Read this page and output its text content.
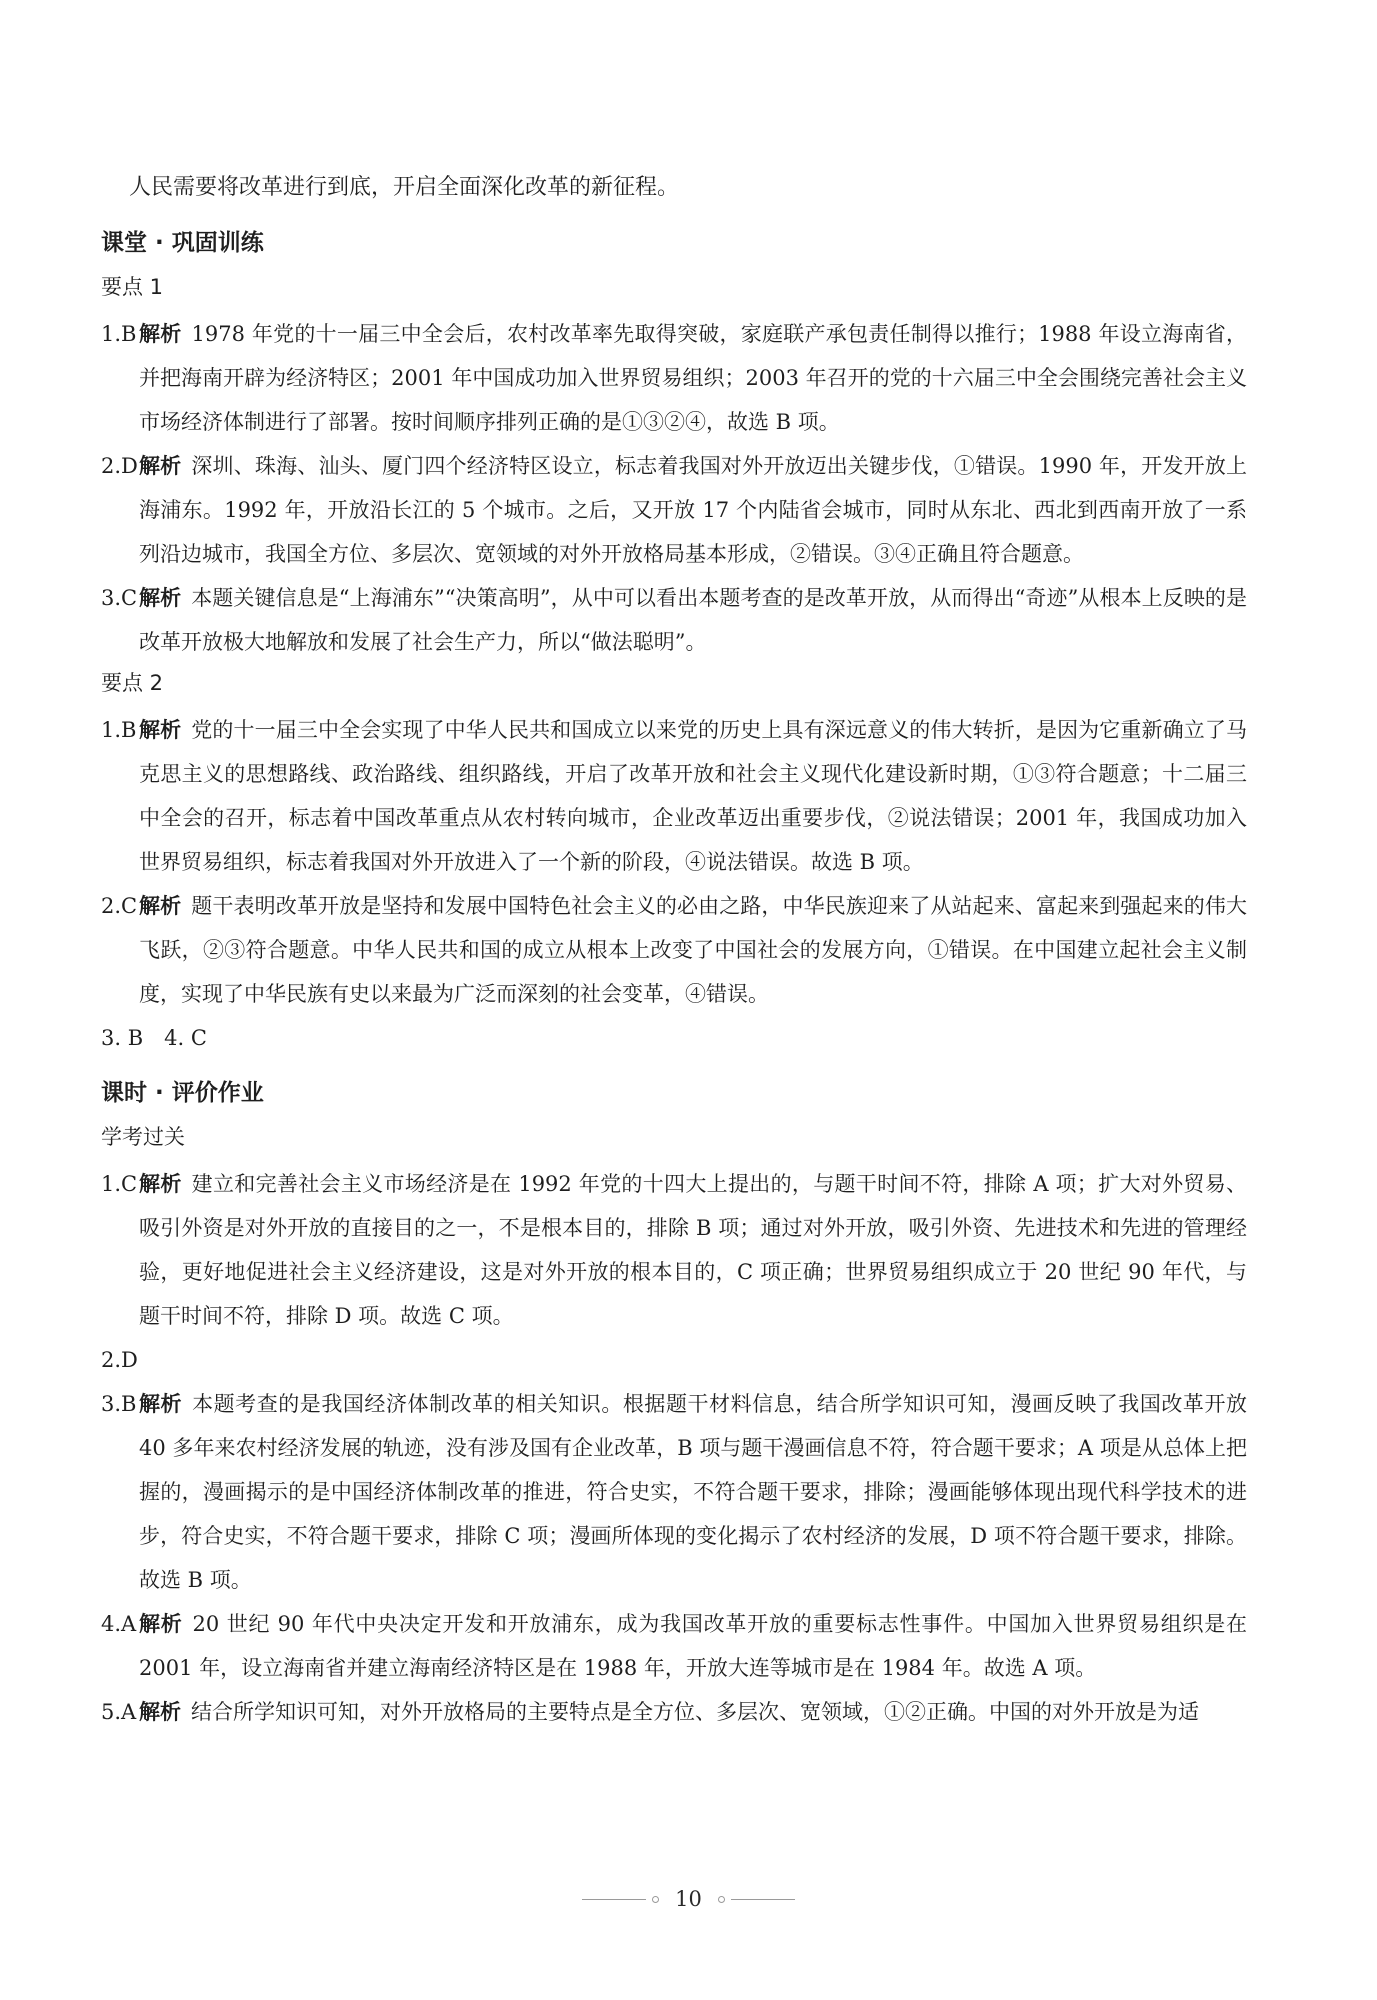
人民需要将改革进行到底，开启全面深化改革的新征程。

课堂 · 巩固训练
要点 1
1.B 解析 1978 年党的十一届三中全会后，农村改革率先取得突破，家庭联产承包责任制得以推行；1988 年设立海南省，并把海南开辟为经济特区；2001 年中国成功加入世界贸易组织；2003 年召开的党的十六届三中全会围绕完善社会主义市场经济体制进行了部署。按时间顺序排列正确的是①③②④，故选 B 项。
2.D 解析 深圳、珠海、汕头、厦门四个经济特区设立，标志着我国对外开放迈出关键步伐，①错误。1990 年，开发开放上海浦东。1992 年，开放沿长江的 5 个城市。之后，又开放 17 个内陆省会城市，同时从东北、西北到西南开放了一系列沿边城市，我国全方位、多层次、宽领域的对外开放格局基本形成，②错误。③④正确且符合题意。
3.C 解析 本题关键信息是“上海浦东”“决策高明”，从中可以看出本题考查的是改革开放，从而得出“奇迹”从根本上反映的是改革开放极大地解放和发展了社会生产力，所以“做法聪明”。
要点 2
1.B 解析 党的十一届三中全会实现了中华人民共和国成立以来党的历史上具有深远意义的伟大转折，是因为它重新确立了马克思主义的思想路线、政治路线、组织路线，开启了改革开放和社会主义现代化建设新时期，①③符合题意；十二届三中全会的召开，标志着中国改革重点从农村转向城市，企业改革迈出重要步伐，②说法错误；2001 年，我国成功加入世界贸易组织，标志着我国对外开放进入了一个新的阶段，④说法错误。故选 B 项。
2.C 解析 题干表明改革开放是坚持和发展中国特色社会主义的必由之路，中华民族迎来了从站起来、富起来到强起来的伟大飞跃，②③符合题意。中华人民共和国的成立从根本上改变了中国社会的发展方向，①错误。在中国建立起社会主义制度，实现了中华民族有史以来最为广泛而深刻的社会变革，④错误。
3. B　4. C
课时 · 评价作业
学考过关
1.C 解析 建立和完善社会主义市场经济是在 1992 年党的十四大上提出的，与题干时间不符，排除 A 项；扩大对外贸易、吸引外资是对外开放的直接目的之一，不是根本目的，排除 B 项；通过对外开放，吸引外资、先进技术和先进的管理经验，更好地促进社会主义经济建设，这是对外开放的根本目的，C 项正确；世界贸易组织成立于 20 世纪 90 年代，与题干时间不符，排除 D 项。故选 C 项。
2.D

3.B 解析 本题考查的是我国经济体制改革的相关知识。根据题干材料信息，结合所学知识可知，漫画反映了我国改革开放 40 多年来农村经济发展的轨迹，没有涉及国有企业改革，B 项与题干漫画信息不符，符合题干要求；A 项是从总体上把握的，漫画揭示的是中国经济体制改革的推进，符合史实，不符合题干要求，排除；漫画能够体现出现代科学技术的进步，符合史实，不符合题干要求，排除 C 项；漫画所体现的变化揭示了农村经济的发展，D 项不符合题干要求，排除。故选 B 项。
4.A 解析 20 世纪 90 年代中央决定开发和开放浦东，成为我国改革开放的重要标志性事件。中国加入世界贸易组织是在 2001 年，设立海南省并建立海南经济特区是在 1988 年，开放大连等城市是在 1984 年。故选 A 项。
5.A 解析 结合所学知识可知，对外开放格局的主要特点是全方位、多层次、宽领域，①②正确。中国的对外开放是为适
10
